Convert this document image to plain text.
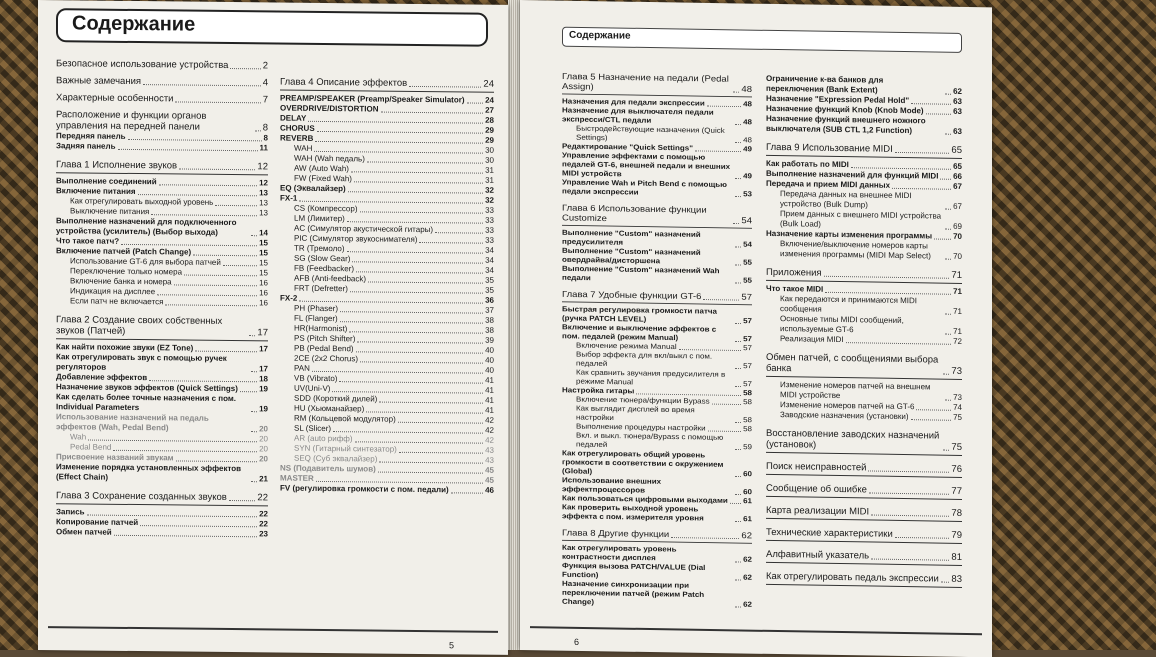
Содержание
Безопасное использование устройства	2
Важные замечания	4
Характерные особенности	7
Расположение и функции органов управления на передней панели	8
Передняя панель	8
Задняя панель	11
Глава 1 Исполнение звуков	12
Выполнение соединений	12
Включение питания	13
Как отрегулировать выходной уровень	13
Выключение питания	13
Выполнение назначений для подключенного устройства (усилитель) (Выбор выхода)	14
Что такое патч?	15
Включение патчей (Patch Change)	15
Использование GT-6 для выбора патчей	15
Переключение только номера	15
Включение банка и номера	16
Индикация на дисплее	16
Если патч не включается	16
Глава 2 Создание своих собственных звуков (Патчей)	17
Как найти похожие звуки (EZ Tone)	17
Как отрегулировать звук с помощью ручек регуляторов	17
Добавление эффектов	18
Назначение звуков эффектов (Quick Settings)	19
Как сделать более точные назначения с пом. Individual Parameters	19
Использование назначений на педаль эффектов (Wah, Pedal Bend)	20
Wah	20
Pedal Bend	20
Присвоение названий звукам	20
Изменение порядка установленных эффектов (Effect Chain)	21
Глава 3 Сохранение созданных звуков	22
Запись	22
Копирование патчей	22
Обмен патчей	23
Глава 4 Описание эффектов	24
PREAMP/SPEAKER (Preamp/Speaker Simulator)	24
OVERDRIVE/DISTORTION	27
DELAY	28
CHORUS	29
REVERB	29
WAH	30
WAH (Wah педаль)	30
AW (Auto Wah)	31
FW (Fixed Wah)	31
EQ (Эквалайзер)	32
FX-1	32
CS (Компрессор)	33
LM (Лимитер)	33
AC (Симулятор акустической гитары)	33
PIC (Симулятор звукоснимателя)	33
TR (Тремоло)	34
SG (Slow Gear)	34
FB (Feedbacker)	34
AFB (Anti-feedback)	35
FRT (Defretter)	35
FX-2	36
PH (Phaser)	37
FL (Flanger)	38
HR(Harmonist)	38
PS (Pitch Shifter)	39
PB (Pedal Bend)	40
2CE (2x2 Chorus)	40
PAN	40
VB (Vibrato)	41
UV(Uni-V)	41
SDD (Короткий дилей)	41
HU (Хьюманайзер)	41
RM (Кольцевой модулятор)	42
SL (Slicer)	42
AR (auto рифф)	42
SYN (Гитарный синтезатор)	43
SEQ (Суб эквалайзер)	43
NS (Подавитель шумов)	45
MASTER	45
FV (регулировка громкости с пом. педали)	46
5
Содержание
Глава 5 Назначение на педали (Pedal Assign)	48
Назначения для педали экспрессии	48
Назначение для выключателя педали экспресси/CTL педали	48
Быстродействующие назначения (Quick Settings)	48
Редактирование "Quick Settings"	49
Управление эффектами с помощью педалей GT-6, внешней педали и внешних MIDI устройств	49
Управление Wah и Pitch Bend с помощью педали экспрессии	53
Глава 6 Использование функции Customize	54
Выполнение "Custom" назначений предусилителя	54
Выполнение "Custom" назначений овердрайва/дисторшена	55
Выполнение "Custom" назначений Wah педали	55
Глава 7 Удобные функции GT-6	57
Быстрая регулировка громкости патча (ручка PATCH LEVEL)	57
Включение и выключение эффектов с пом. педалей (режим Manual)	57
Включение режима Manual	57
Выбор эффекта для вкл/выкл с пом. педалей	57
Как сравнить звучания предусилителя в режиме Manual	57
Настройка гитары	58
Включение тюнера/функции Bypass	58
Как выглядит дисплей во время настройки	58
Выполнение процедуры настройки	58
Вкл. и выкл. тюнера/Bypass с помощью педалей	59
Как отрегулировать общий уровень громкости в соответствии с окружением (Global)	60
Использование внешних эффектпроцессоров	60
Как пользоваться цифровыми выходами 61
Как проверить выходной уровень эффекта с пом. измерителя уровня	61
Глава 8 Другие функции	62
Как отрегулировать уровень контрастности дисплея	62
Функция вызова PATCH/VALUE (Dial Function)	62
Назначение синхронизации при переключении патчей (режим Patch Change)	62
Ограничение к-ва банков для переключения (Bank Extent)	62
Назначение "Expression Pedal Hold"	63
Назначение функций Knob (Knob Mode)	63
Назначение функций внешнего ножного выключателя (SUB CTL 1,2 Function)	63
Глава 9 Использование MIDI	65
Как работать по MIDI	65
Выполнение назначений для функций MIDI 66
Передача и прием MIDI данных	67
Передача данных на внешнее MIDI устройство (Bulk Dump)	67
Прием данных с внешнего MIDI устройства (Bulk Load)	69
Назначение карты изменения программы	70
Включение/выключение номеров карты изменения программы (MIDI Map Select)	70
Приложения	71
Что такое MIDI	71
Как передаются и принимаются MIDI сообщения	71
Основные типы MIDI сообщений, используемые GT-6	71
Реализация MIDI	72
Обмен патчей, с сообщениями выбора банка	73
Изменение номеров патчей на внешнем MIDI устройстве	73
Изменение номеров патчей на GT-6	74
Заводские назначения (установки)	75
Восстановление заводских назначений (установок)	75
Поиск неисправностей	76
Сообщение об ошибке	77
Карта реализации MIDI	78
Технические характеристики	79
Алфавитный указатель	81
Как отрегулировать педаль экспрессии 83
6
